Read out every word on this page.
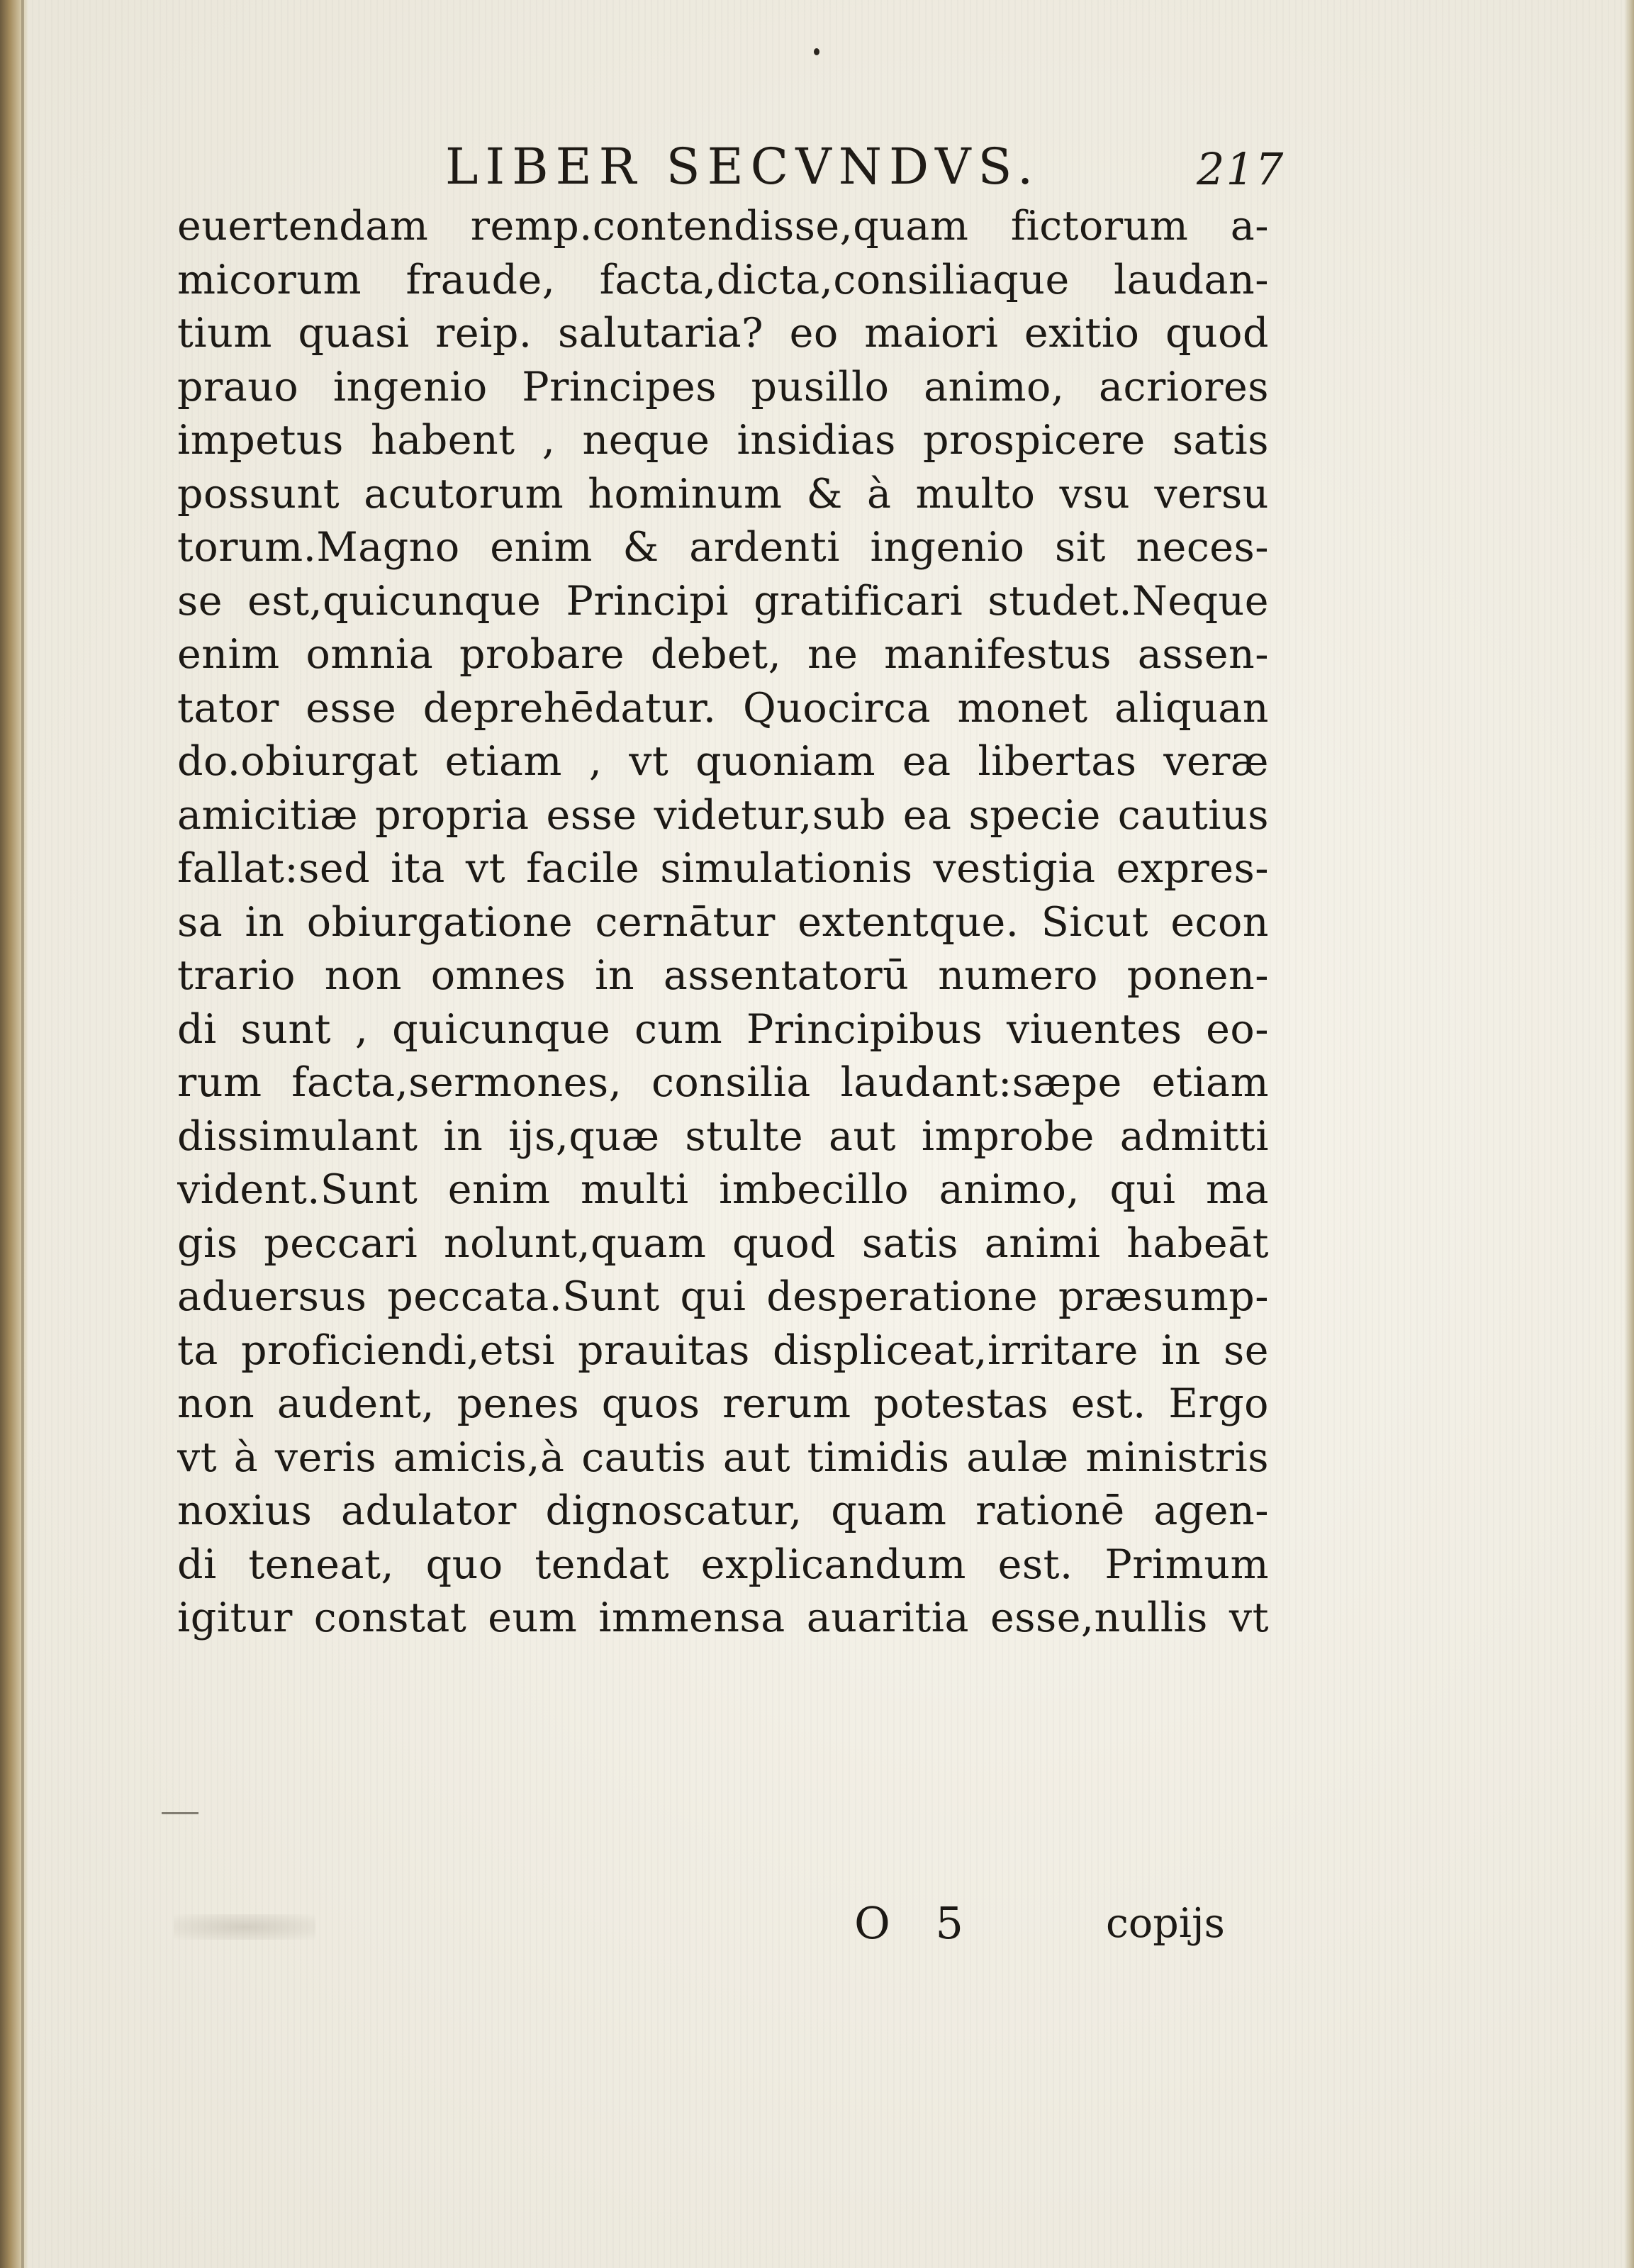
LIBER SECVNDVS.	217
euertendam remp.contendisse,quam fictorum a-
micorum fraude, facta,dicta,consiliaque laudan-
tium quasi reip. salutaria? eo maiori exitio quod
prauo ingenio Principes pusillo animo, acriores
impetus habent , neque insidias prospicere satis
possunt acutorum hominum & à multo vsu versu
torum.Magno enim & ardenti ingenio sit neces-
se est,quicunque Principi gratificari studet.Neque
enim omnia probare debet, ne manifestus assen-
tator esse deprehēdatur. Quocirca monet aliquan
do.obiurgat etiam , vt quoniam ea libertas veræ
amicitiæ propria esse videtur,sub ea specie cautius
fallat:sed ita vt facile simulationis vestigia expres-
sa in obiurgatione cernātur extentque. Sicut econ
trario non omnes in assentatorū numero ponen-
di sunt , quicunque cum Principibus viuentes eo-
rum facta,sermones, consilia laudant:sæpe etiam
dissimulant in ijs,quæ stulte aut improbe admitti
vident.Sunt enim multi imbecillo animo, qui ma
gis peccari nolunt,quam quod satis animi habeāt
aduersus peccata.Sunt qui desperatione præsump-
ta proficiendi,etsi prauitas displiceat,irritare in se
non audent, penes quos rerum potestas est. Ergo
vt à veris amicis,à cautis aut timidis aulæ ministris
noxius adulator dignoscatur, quam rationē agen-
di teneat, quo tendat explicandum est. Primum
igitur constat eum immensa auaritia esse,nullis vt
O 5	copijs
